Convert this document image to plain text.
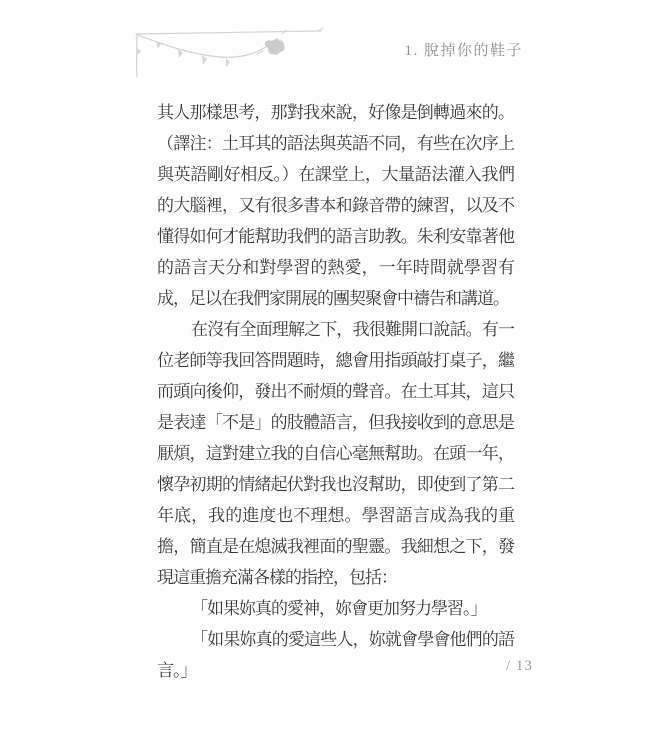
1. 脫掉你的鞋子

其人那樣思考，那對我來說，好像是倒轉過來的。（譯注：土耳其的語法與英語不同，有些在次序上與英語剛好相反。）在課堂上，大量語法灌入我們的大腦裡，又有很多書本和錄音帶的練習，以及不懂得如何才能幫助我們的語言助教。朱利安靠著他的語言天分和對學習的熱愛，一年時間就學習有成，足以在我們家開展的團契聚會中禱告和講道。

在沒有全面理解之下，我很難開口說話。有一位老師等我回答問題時，總會用指頭敲打桌子，繼而頭向後仰，發出不耐煩的聲音。在土耳其，這只是表達「不是」的肢體語言，但我接收到的意思是厭煩，這對建立我的自信心毫無幫助。在頭一年，懷孕初期的情緒起伏對我也沒幫助，即使到了第二年底，我的進度也不理想。學習語言成為我的重擔，簡直是在熄滅我裡面的聖靈。我細想之下，發現這重擔充滿各樣的指控，包括：

「如果妳真的愛神，妳會更加努力學習。」

「如果妳真的愛這些人，妳就會學會他們的語言。」	/ 13
